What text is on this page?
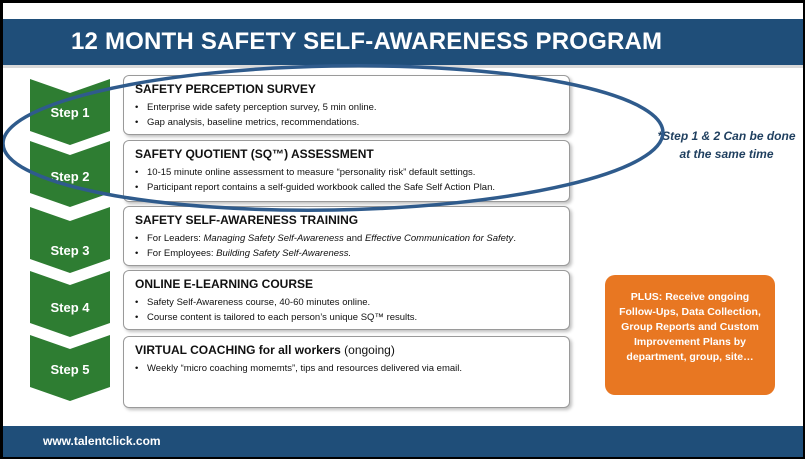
12 MONTH SAFETY SELF-AWARENESS PROGRAM
Step 1
SAFETY PERCEPTION SURVEY
• Enterprise wide safety perception survey, 5 min online.
• Gap analysis, baseline metrics, recommendations.
Step 2
SAFETY QUOTIENT (SQ™) ASSESSMENT
• 10-15 minute online assessment to measure “personality risk” default settings.
• Participant report contains a self-guided workbook called the Safe Self Action Plan.
Step 3
SAFETY SELF-AWARENESS TRAINING
• For Leaders: Managing Safety Self-Awareness and Effective Communication for Safety.
• For Employees: Building Safety Self-Awareness.
Step 4
ONLINE E-LEARNING COURSE
• Safety Self-Awareness course, 40-60 minutes online.
• Course content is tailored to each person’s unique SQ™ results.
Step 5
VIRTUAL COACHING for all workers (ongoing)
• Weekly “micro coaching momemts”, tips and resources delivered via email.
*Step 1 & 2 Can be done at the same time
PLUS: Receive ongoing Follow-Ups, Data Collection, Group Reports and Custom Improvement Plans by department, group, site…
www.talentclick.com
